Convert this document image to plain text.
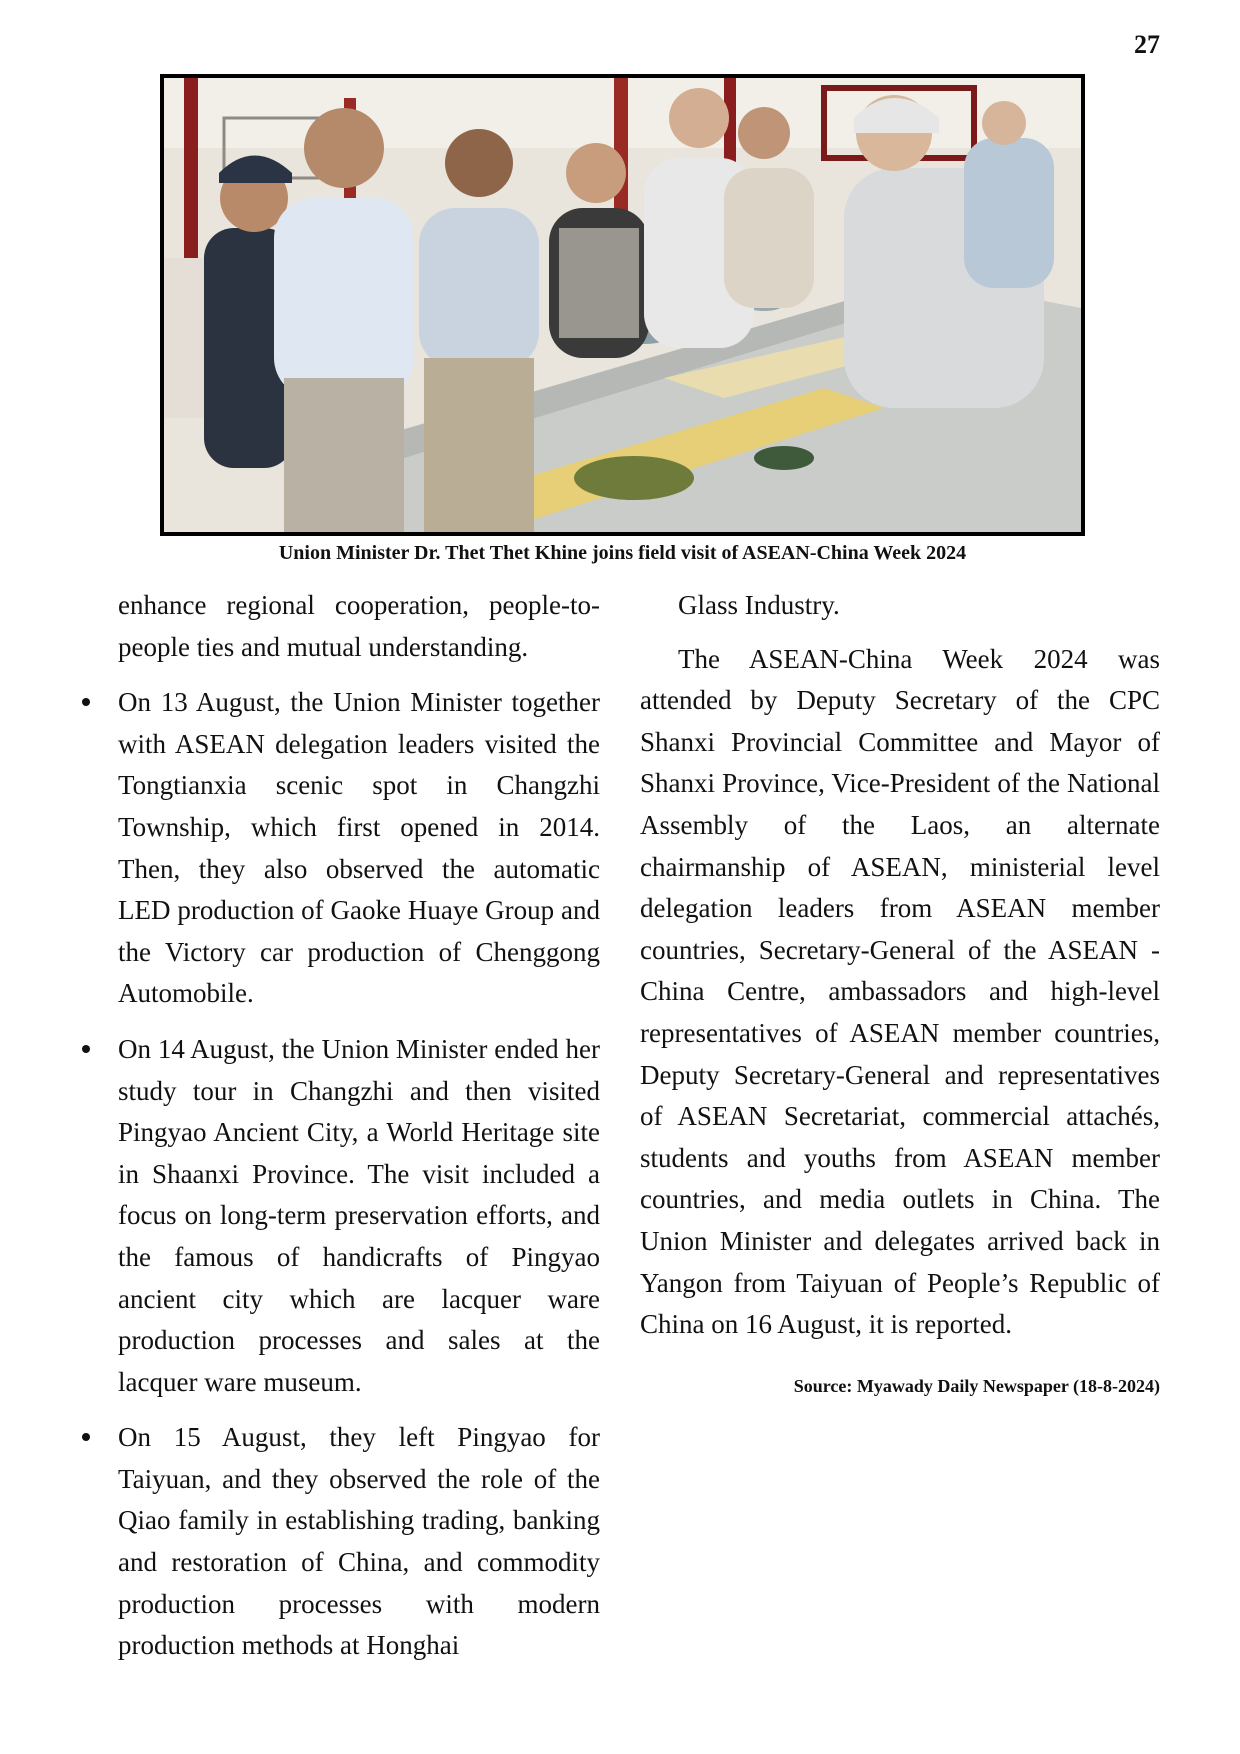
27
Union Minister Dr. Thet Thet Khine joins field visit of ASEAN-China Week 2024

enhance regional cooperation, people-to-people ties and mutual understanding.

On 13 August, the Union Minister together with ASEAN delegation leaders visited the Tongtianxia scenic spot in Changzhi Township, which first opened in 2014. Then, they also observed the automatic LED production of Gaoke Huaye Group and the Victory car production of Chenggong Automobile.
On 14 August, the Union Minister ended her study tour in Changzhi and then visited Pingyao Ancient City, a World Heritage site in Shaanxi Province. The visit included a focus on long-term preservation efforts, and the famous of handicrafts of Pingyao ancient city which are lacquer ware production processes and sales at the lacquer ware museum.
On 15 August, they left Pingyao for Taiyuan, and they observed the role of the Qiao family in establishing trading, banking and restoration of China, and commodity production processes with modern production methods at Honghai

Glass Industry.

The ASEAN-China Week 2024 was attended by Deputy Secretary of the CPC Shanxi Provincial Committee and Mayor of Shanxi Province, Vice-President of the National Assembly of the Laos, an alternate chairmanship of ASEAN, ministerial level delegation leaders from ASEAN member countries, Secretary-General of the ASEAN -China Centre, ambassadors and high-level representatives of ASEAN member countries, Deputy Secretary-General and representatives of ASEAN Secretariat, commercial attachés, students and youths from ASEAN member countries, and media outlets in China. The Union Minister and delegates arrived back in Yangon from Taiyuan of People’s Republic of China on 16 August, it is reported.

Source: Myawady Daily Newspaper (18-8-2024)
